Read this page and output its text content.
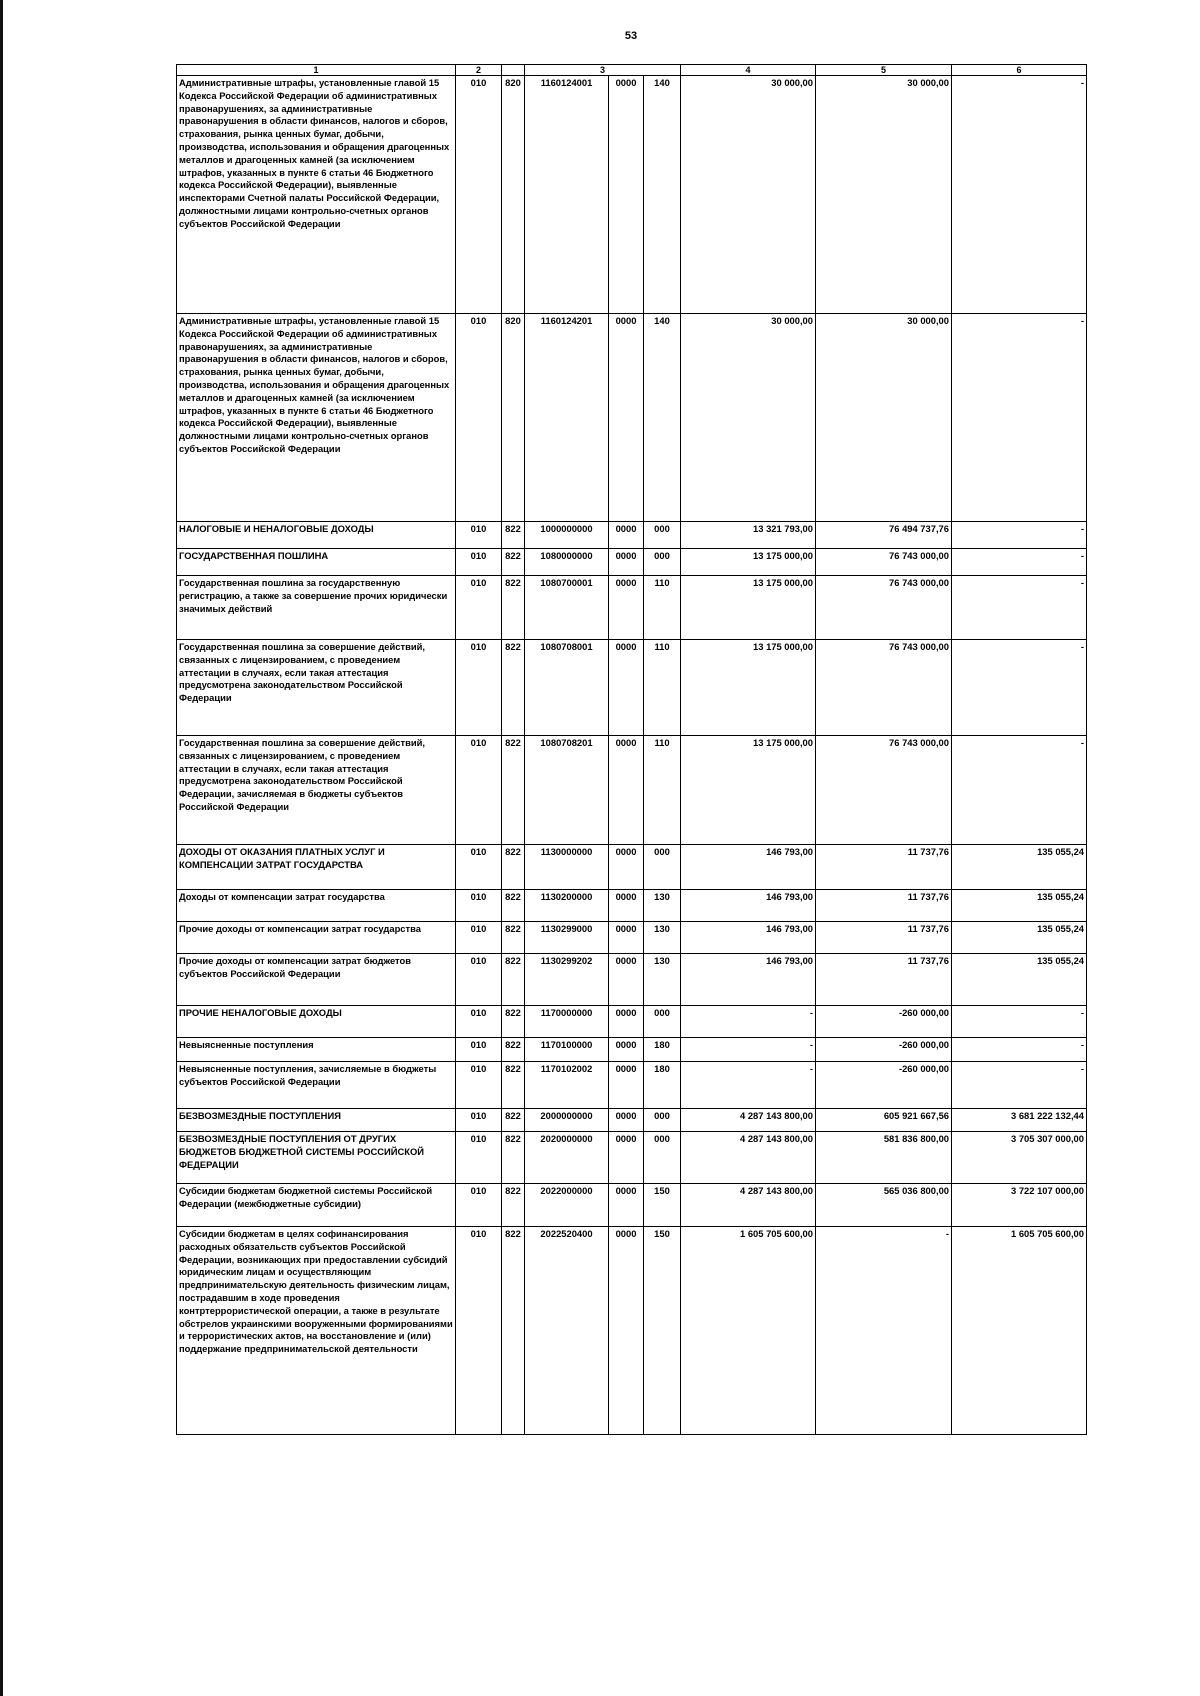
53
1	2		3			4	5	6
Административные штрафы, установленные главой 15 Кодекса Российской Федерации об административных правонарушениях, за административные правонарушения в области финансов, налогов и сборов, страхования, рынка ценных бумаг, добычи, производства, использования и обращения драгоценных металлов и драгоценных камней (за исключением штрафов, указанных в пункте 6 статьи 46 Бюджетного кодекса Российской Федерации), выявленные инспекторами Счетной палаты Российской Федерации, должностными лицами контрольно-счетных органов субъектов Российской Федерации	010	820	1160124001	0000	140	30 000,00	30 000,00	-
Административные штрафы, установленные главой 15 Кодекса Российской Федерации об административных правонарушениях, за административные правонарушения в области финансов, налогов и сборов, страхования, рынка ценных бумаг, добычи, производства, использования и обращения драгоценных металлов и драгоценных камней (за исключением штрафов, указанных в пункте 6 статьи 46 Бюджетного кодекса Российской Федерации), выявленные должностными лицами контрольно-счетных органов субъектов Российской Федерации	010	820	1160124201	0000	140	30 000,00	30 000,00	-
НАЛОГОВЫЕ И НЕНАЛОГОВЫЕ ДОХОДЫ	010	822	1000000000	0000	000	13 321 793,00	76 494 737,76	-
ГОСУДАРСТВЕННАЯ ПОШЛИНА	010	822	1080000000	0000	000	13 175 000,00	76 743 000,00	-
Государственная пошлина за государственную регистрацию, а также за совершение прочих юридически значимых действий	010	822	1080700001	0000	110	13 175 000,00	76 743 000,00	-
Государственная пошлина за совершение действий, связанных с лицензированием, с проведением аттестации в случаях, если такая аттестация предусмотрена законодательством Российской Федерации	010	822	1080708001	0000	110	13 175 000,00	76 743 000,00	-
Государственная пошлина за совершение действий, связанных с лицензированием, с проведением аттестации в случаях, если такая аттестация предусмотрена законодательством Российской Федерации, зачисляемая в бюджеты субъектов Российской Федерации	010	822	1080708201	0000	110	13 175 000,00	76 743 000,00	-
ДОХОДЫ ОТ ОКАЗАНИЯ ПЛАТНЫХ УСЛУГ И КОМПЕНСАЦИИ ЗАТРАТ ГОСУДАРСТВА	010	822	1130000000	0000	000	146 793,00	11 737,76	135 055,24
Доходы от компенсации затрат государства	010	822	1130200000	0000	130	146 793,00	11 737,76	135 055,24
Прочие доходы от компенсации затрат государства	010	822	1130299000	0000	130	146 793,00	11 737,76	135 055,24
Прочие доходы от компенсации затрат бюджетов субъектов Российской Федерации	010	822	1130299202	0000	130	146 793,00	11 737,76	135 055,24
ПРОЧИЕ НЕНАЛОГОВЫЕ ДОХОДЫ	010	822	1170000000	0000	000	-	-260 000,00	-
Невыясненные поступления	010	822	1170100000	0000	180	-	-260 000,00	-
Невыясненные поступления, зачисляемые в бюджеты субъектов Российской Федерации	010	822	1170102002	0000	180	-	-260 000,00	-
БЕЗВОЗМЕЗДНЫЕ ПОСТУПЛЕНИЯ	010	822	2000000000	0000	000	4 287 143 800,00	605 921 667,56	3 681 222 132,44
БЕЗВОЗМЕЗДНЫЕ ПОСТУПЛЕНИЯ ОТ ДРУГИХ БЮДЖЕТОВ БЮДЖЕТНОЙ СИСТЕМЫ РОССИЙСКОЙ ФЕДЕРАЦИИ	010	822	2020000000	0000	000	4 287 143 800,00	581 836 800,00	3 705 307 000,00
Субсидии бюджетам бюджетной системы Российской Федерации (межбюджетные субсидии)	010	822	2022000000	0000	150	4 287 143 800,00	565 036 800,00	3 722 107 000,00
Субсидии бюджетам в целях софинансирования расходных обязательств субъектов Российской Федерации, возникающих при предоставлении субсидий юридическим лицам и осуществляющим предпринимательскую деятельность физическим лицам, пострадавшим в ходе проведения контртеррористической операции, а также в результате обстрелов украинскими вооруженными формированиями и террористических актов, на восстановление и (или) поддержание предпринимательской деятельности	010	822	2022520400	0000	150	1 605 705 600,00	-	1 605 705 600,00
